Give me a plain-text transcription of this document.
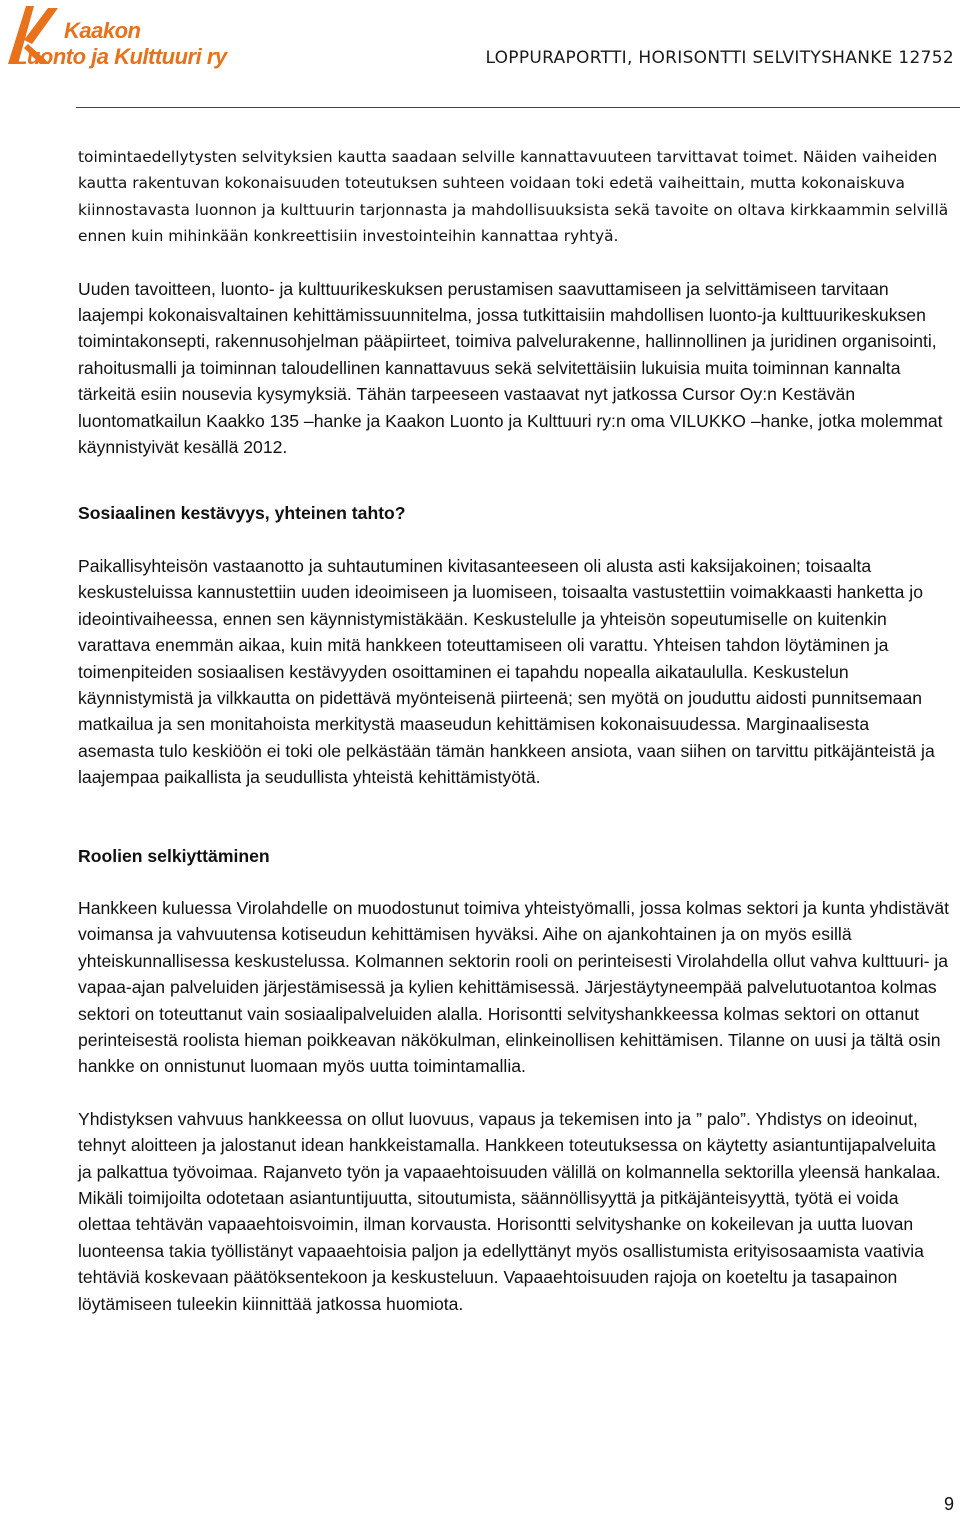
Kaakon
Luonto ja Kulttuuri ry	LOPPURAPORTTI, HORISONTTI SELVITYSHANKE 12752

toimintaedellytysten selvityksien kautta saadaan selville kannattavuuteen tarvittavat toimet. Näiden vaiheiden kautta rakentuvan kokonaisuuden toteutuksen suhteen voidaan toki edetä vaiheittain, mutta kokonaiskuva kiinnostavasta luonnon ja kulttuurin tarjonnasta ja mahdollisuuksista sekä tavoite on oltava kirkkaammin selvillä ennen kuin mihinkään konkreettisiin investointeihin kannattaa ryhtyä.

Uuden tavoitteen, luonto- ja kulttuurikeskuksen perustamisen saavuttamiseen ja selvittämiseen tarvitaan laajempi kokonaisvaltainen kehittämissuunnitelma, jossa tutkittaisiin mahdollisen luonto-ja kulttuurikeskuksen toimintakonsepti, rakennusohjelman pääpiirteet, toimiva palvelurakenne, hallinnollinen ja juridinen organisointi, rahoitusmalli ja toiminnan taloudellinen kannattavuus sekä selvitettäisiin lukuisia muita toiminnan kannalta tärkeitä esiin nousevia kysymyksiä. Tähän tarpeeseen vastaavat nyt jatkossa Cursor Oy:n Kestävän luontomatkailun Kaakko 135 –hanke ja Kaakon Luonto ja Kulttuuri ry:n oma VILUKKO –hanke, jotka molemmat käynnistyivät kesällä 2012.

Sosiaalinen kestävyys, yhteinen tahto?

Paikallisyhteisön vastaanotto ja suhtautuminen kivitasanteeseen oli alusta asti kaksijakoinen; toisaalta keskusteluissa kannustettiin uuden ideoimiseen ja luomiseen, toisaalta vastustettiin voimakkaasti hanketta jo ideointivaiheessa, ennen sen käynnistymistäkään. Keskustelulle ja yhteisön sopeutumiselle on kuitenkin varattava enemmän aikaa, kuin mitä hankkeen toteuttamiseen oli varattu. Yhteisen tahdon löytäminen ja toimenpiteiden sosiaalisen kestävyyden osoittaminen ei tapahdu nopealla aikataululla. Keskustelun käynnistymistä ja vilkkautta on pidettävä myönteisenä piirteenä; sen myötä on jouduttu aidosti punnitsemaan matkailua ja sen monitahoista merkitystä maaseudun kehittämisen kokonaisuudessa. Marginaalisesta asemasta tulo keskiöön ei toki ole pelkästään tämän hankkeen ansiota, vaan siihen on tarvittu pitkäjänteistä ja laajempaa paikallista ja seudullista yhteistä kehittämistyötä.

Roolien selkiyttäminen

Hankkeen kuluessa Virolahdelle on muodostunut toimiva yhteistyömalli, jossa kolmas sektori ja kunta yhdistävät voimansa ja vahvuutensa kotiseudun kehittämisen hyväksi. Aihe on ajankohtainen ja on myös esillä yhteiskunnallisessa keskustelussa. Kolmannen sektorin rooli on perinteisesti Virolahdella ollut vahva kulttuuri- ja vapaa-ajan palveluiden järjestämisessä ja kylien kehittämisessä. Järjestäytyneempää palvelutuotantoa kolmas sektori on toteuttanut vain sosiaalipalveluiden alalla. Horisontti selvityshankkeessa kolmas sektori on ottanut perinteisestä roolista hieman poikkeavan näkökulman, elinkeinollisen kehittämisen. Tilanne on uusi ja tältä osin hankke on onnistunut luomaan myös uutta toimintamallia.

Yhdistyksen vahvuus hankkeessa on ollut luovuus, vapaus ja tekemisen into ja ” palo”. Yhdistys on ideoinut, tehnyt aloitteen ja jalostanut idean hankkeistamalla. Hankkeen toteutuksessa on käytetty asiantuntijapalveluita ja palkattua työvoimaa. Rajanveto työn ja vapaaehtoisuuden välillä on kolmannella sektorilla yleensä hankalaa. Mikäli toimijoilta odotetaan asiantuntijuutta, sitoutumista, säännöllisyyttä ja pitkäjänteisyyttä, työtä ei voida olettaa tehtävän vapaaehtoisvoimin, ilman korvausta. Horisontti selvityshanke on kokeilevan ja uutta luovan luonteensa takia työllistänyt vapaaehtoisia paljon ja edellyttänyt myös osallistumista erityisosaamista vaativia tehtäviä koskevaan päätöksentekoon ja keskusteluun. Vapaaehtoisuuden rajoja on koeteltu ja tasapainon löytämiseen tuleekin kiinnittää jatkossa huomiota.

9
